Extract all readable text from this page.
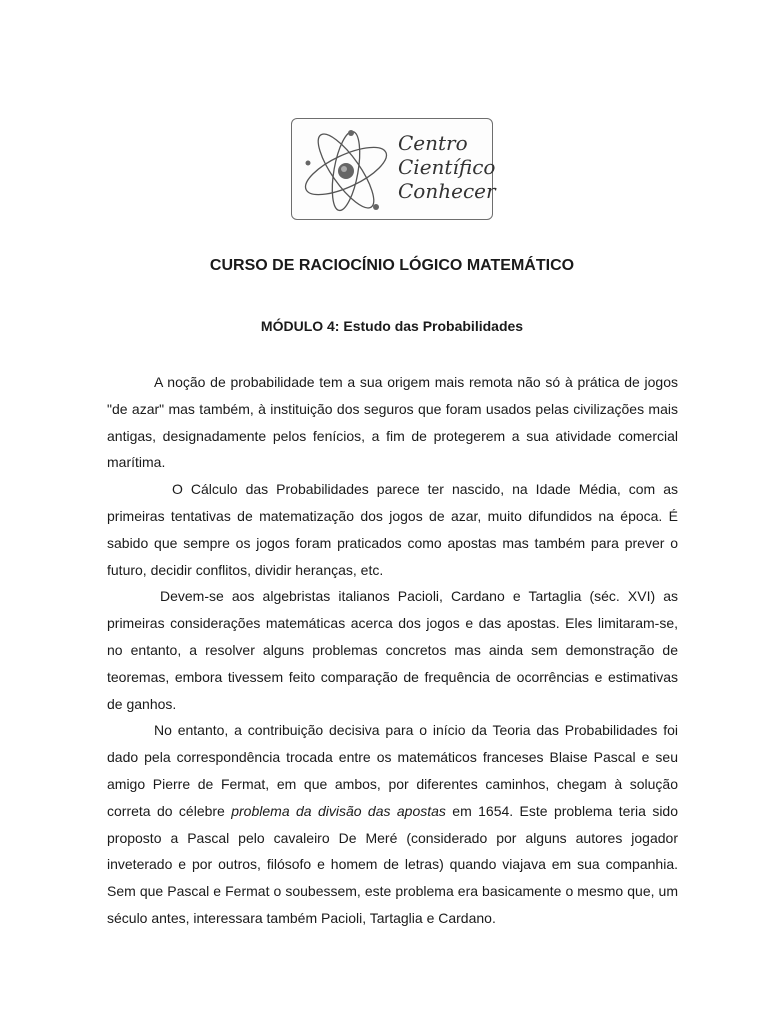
Centro
Científico
Conhecer
CURSO DE RACIOCÍNIO LÓGICO MATEMÁTICO
MÓDULO 4: Estudo das Probabilidades

A noção de probabilidade tem a sua origem mais remota não só à prática de jogos "de azar" mas também, à instituição dos seguros que foram usados pelas civilizações mais antigas, designadamente pelos fenícios, a fim de protegerem a sua atividade comercial marítima.

O Cálculo das Probabilidades parece ter nascido, na Idade Média, com as primeiras tentativas de matematização dos jogos de azar, muito difundidos na época. É sabido que sempre os jogos foram praticados como apostas mas também para prever o futuro, decidir conflitos, dividir heranças, etc.

Devem-se aos algebristas italianos Pacioli, Cardano e Tartaglia (séc. XVI) as primeiras considerações matemáticas acerca dos jogos e das apostas. Eles limitaram-se, no entanto, a resolver alguns problemas concretos mas ainda sem demonstração de teoremas, embora tivessem feito comparação de frequência de ocorrências e estimativas de ganhos.

No entanto, a contribuição decisiva para o início da Teoria das Probabilidades foi dado pela correspondência trocada entre os matemáticos franceses Blaise Pascal e seu amigo Pierre de Fermat, em que ambos, por diferentes caminhos, chegam à solução correta do célebre problema da divisão das apostas em 1654. Este problema teria sido proposto a Pascal pelo cavaleiro De Meré (considerado por alguns autores jogador inveterado e por outros, filósofo e homem de letras) quando viajava em sua companhia. Sem que Pascal e Fermat o soubessem, este problema era basicamente o mesmo que, um século antes, interessara também Pacioli, Tartaglia e Cardano.
